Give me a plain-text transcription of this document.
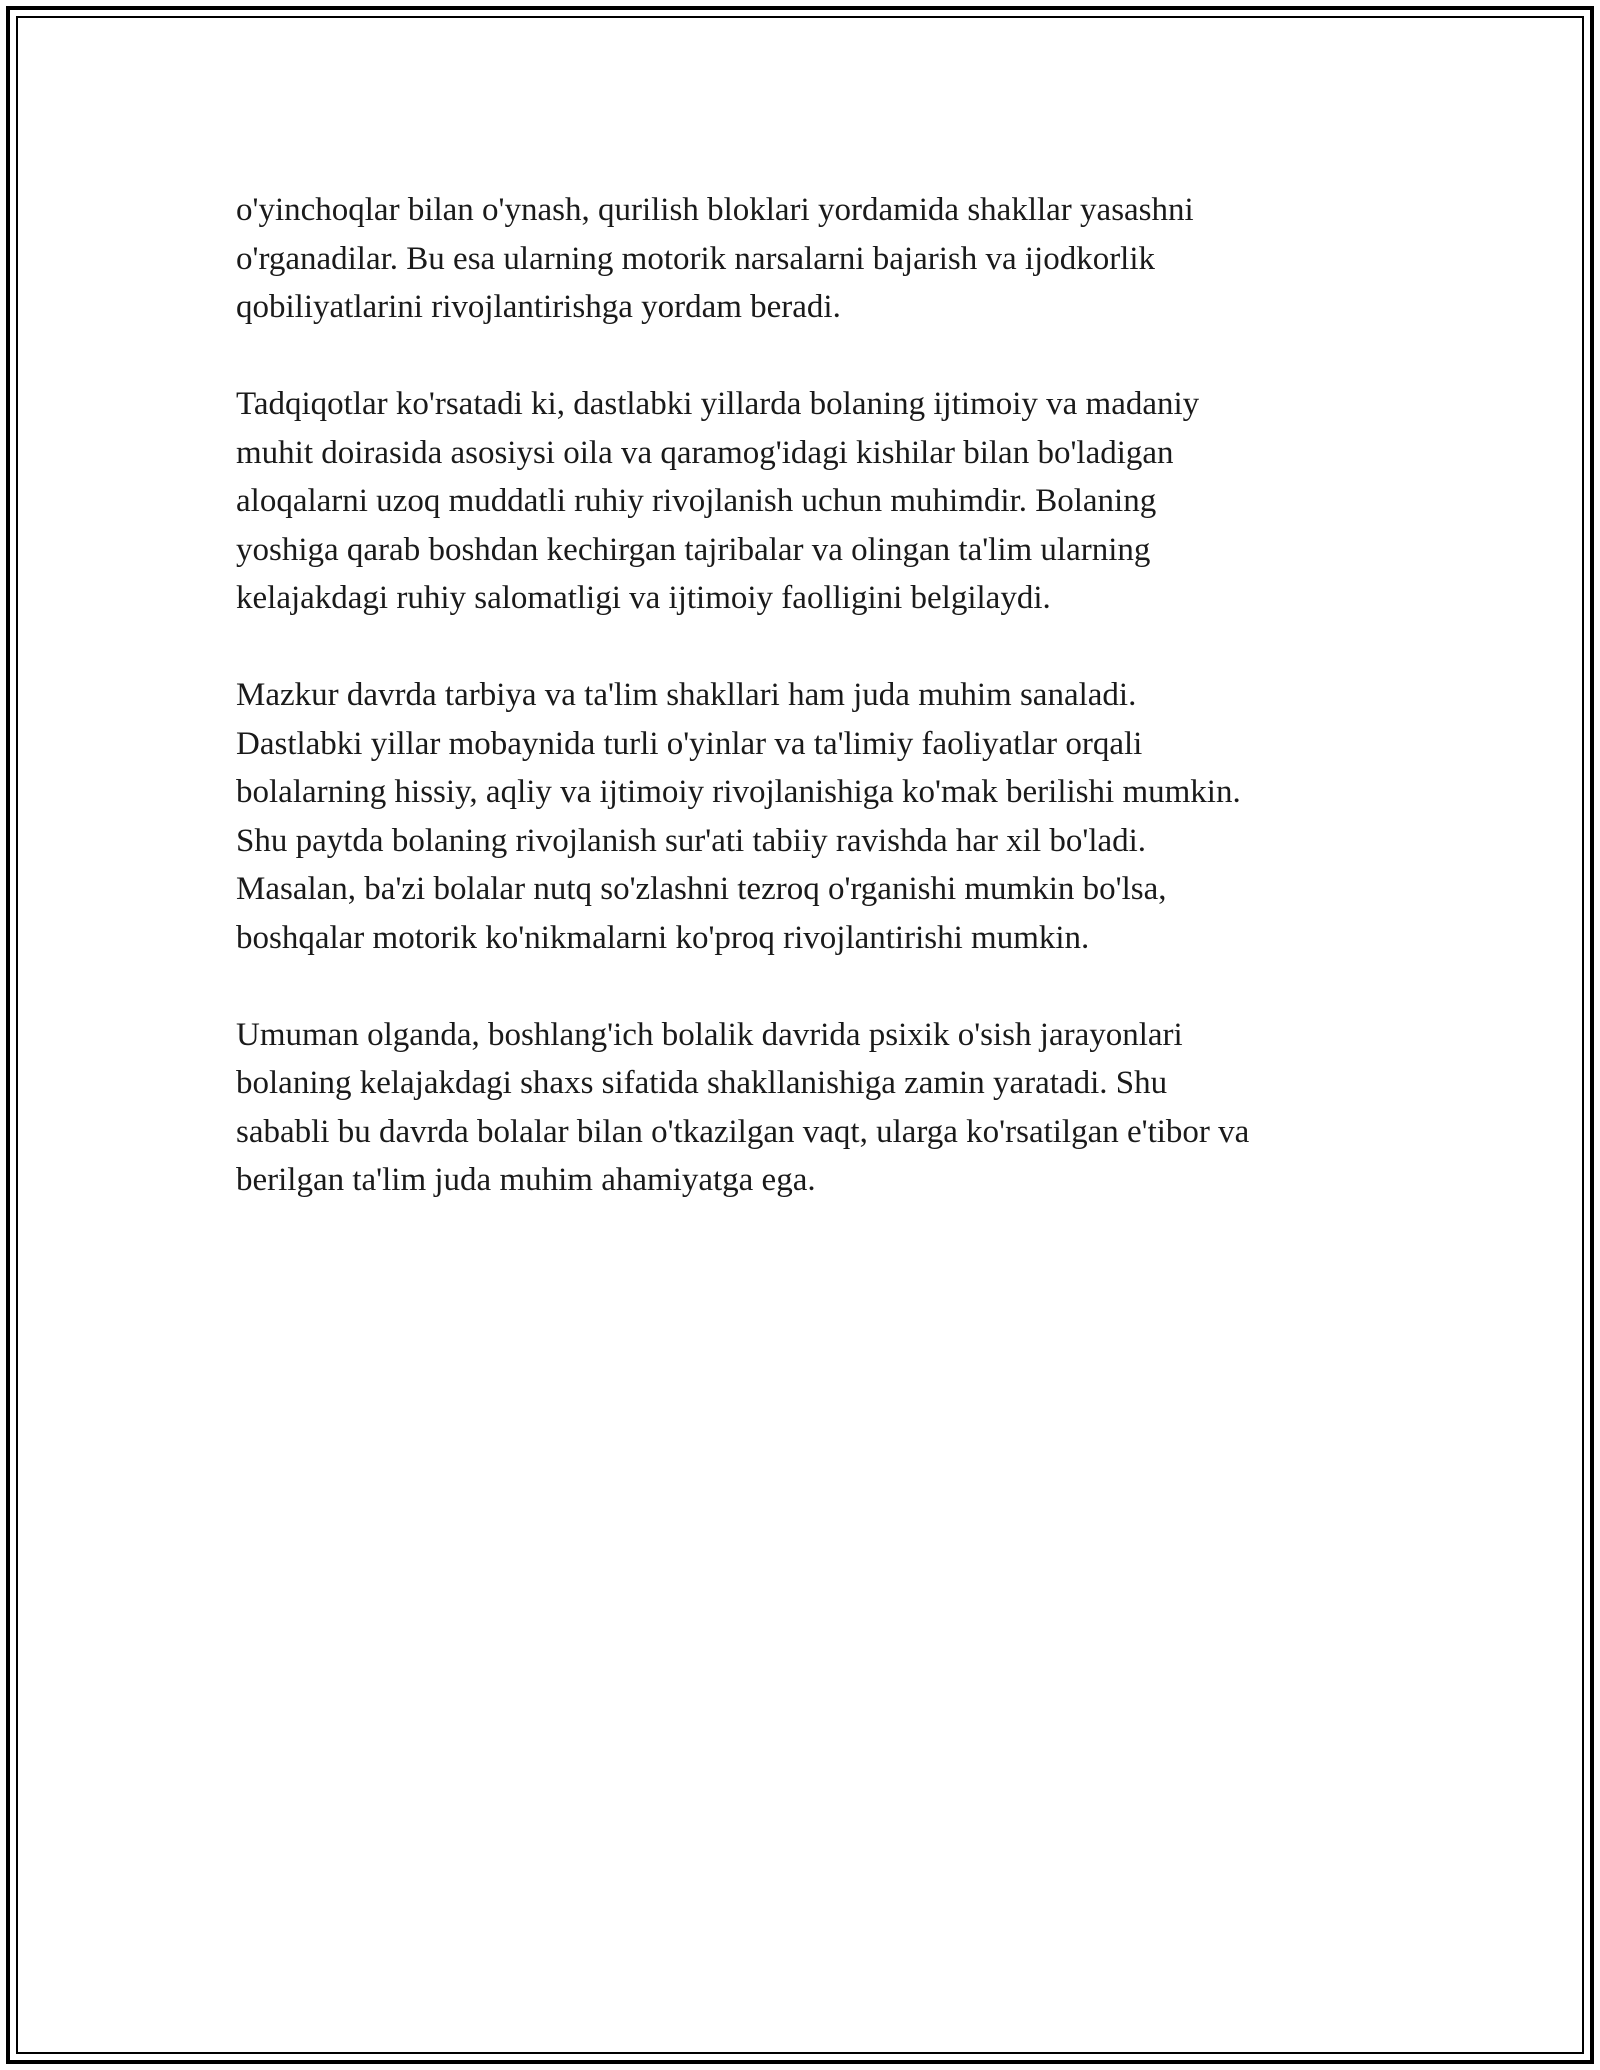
o'yinchoqlar bilan o'ynash, qurilish bloklari yordamida shakllar yasashni
o'rganadilar. Bu esa ularning motorik narsalarni bajarish va ijodkorlik
qobiliyatlarini rivojlantirishga yordam beradi.

Tadqiqotlar ko'rsatadi ki, dastlabki yillarda bolaning ijtimoiy va madaniy
muhit doirasida asosiysi oila va qaramog'idagi kishilar bilan bo'ladigan
aloqalarni uzoq muddatli ruhiy rivojlanish uchun muhimdir. Bolaning
yoshiga qarab boshdan kechirgan tajribalar va olingan ta'lim ularning
kelajakdagi ruhiy salomatligi va ijtimoiy faolligini belgilaydi.

Mazkur davrda tarbiya va ta'lim shakllari ham juda muhim sanaladi.
Dastlabki yillar mobaynida turli o'yinlar va ta'limiy faoliyatlar orqali
bolalarning hissiy, aqliy va ijtimoiy rivojlanishiga ko'mak berilishi mumkin.
Shu paytda bolaning rivojlanish sur'ati tabiiy ravishda har xil bo'ladi.
Masalan, ba'zi bolalar nutq so'zlashni tezroq o'rganishi mumkin bo'lsa,
boshqalar motorik ko'nikmalarni ko'proq rivojlantirishi mumkin.

Umuman olganda, boshlang'ich bolalik davrida psixik o'sish jarayonlari
bolaning kelajakdagi shaxs sifatida shakllanishiga zamin yaratadi. Shu
sababli bu davrda bolalar bilan o'tkazilgan vaqt, ularga ko'rsatilgan e'tibor va
berilgan ta'lim juda muhim ahamiyatga ega.
